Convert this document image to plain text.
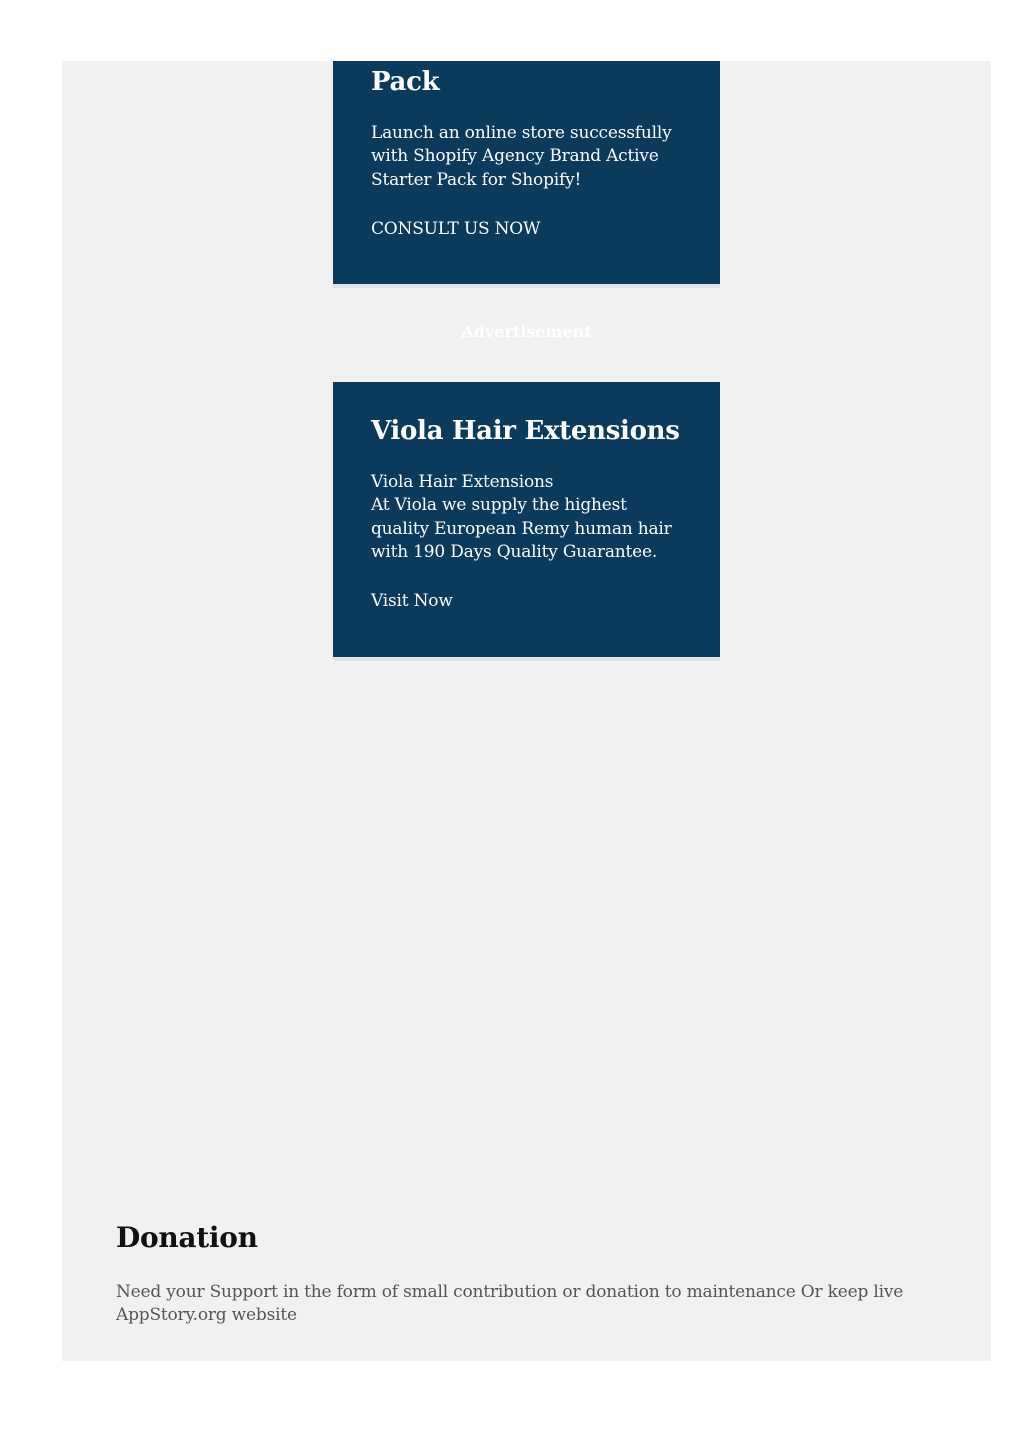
Pack

Launch an online store successfully with Shopify Agency Brand Active Starter Pack for Shopify!

CONSULT US NOW
Advertisement
Viola Hair Extensions

Viola Hair Extensions
At Viola we supply the highest quality European Remy human hair with 190 Days Quality Guarantee.

Visit Now
Donation

Need your Support in the form of small contribution or donation to maintenance Or keep live AppStory.org website
